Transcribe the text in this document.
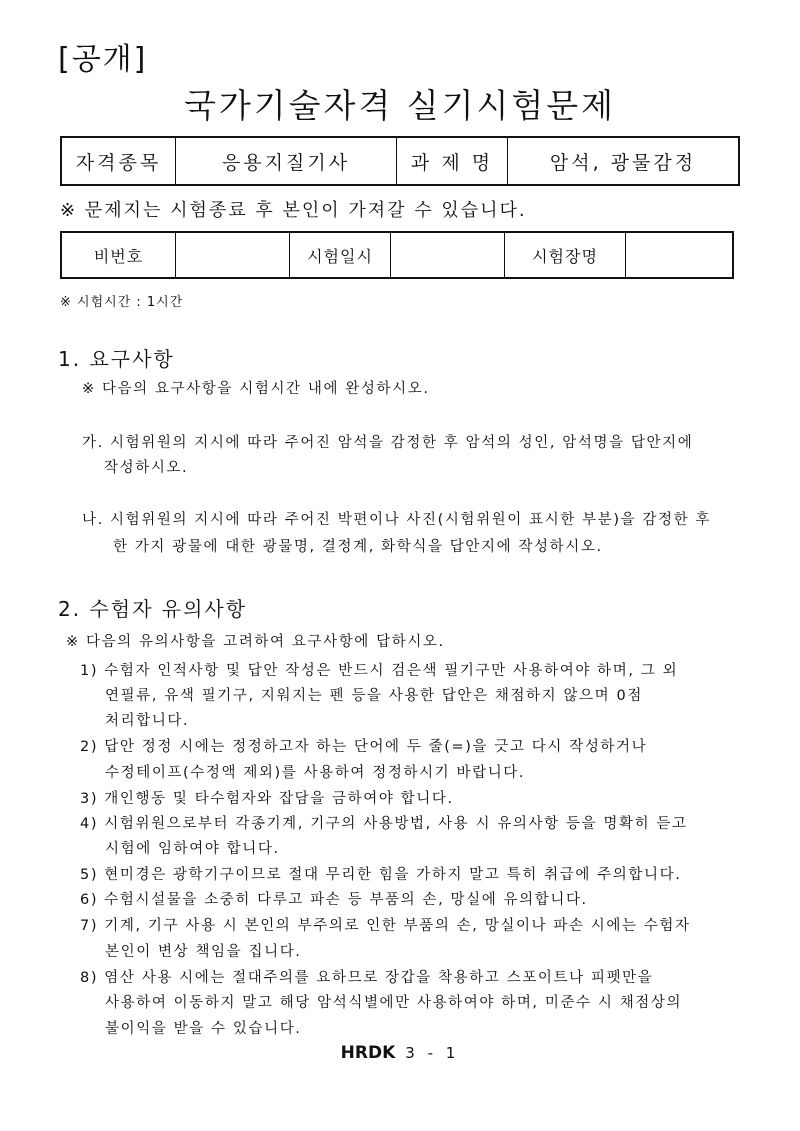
[공개]
국가기술자격 실기시험문제
자격종목	응용지질기사	과 제 명	암석, 광물감정
※ 문제지는 시험종료 후 본인이 가져갈 수 있습니다.
비번호		시험일시		시험장명	
※ 시험시간 : 1시간
1. 요구사항
※ 다음의 요구사항을 시험시간 내에 완성하시오.
가. 시험위원의 지시에 따라 주어진 암석을 감정한 후 암석의 성인, 암석명을 답안지에
작성하시오.
나. 시험위원의 지시에 따라 주어진 박편이나 사진(시험위원이 표시한 부분)을 감정한 후
한 가지 광물에 대한 광물명, 결정계, 화학식을 답안지에 작성하시오.
2. 수험자 유의사항
※ 다음의 유의사항을 고려하여 요구사항에 답하시오.
1) 수험자 인적사항 및 답안 작성은 반드시 검은색 필기구만 사용하여야 하며, 그 외
연필류, 유색 필기구, 지워지는 펜 등을 사용한 답안은 채점하지 않으며 0점
처리합니다.
2) 답안 정정 시에는 정정하고자 하는 단어에 두 줄(=)을 긋고 다시 작성하거나
수정테이프(수정액 제외)를 사용하여 정정하시기 바랍니다.
3) 개인행동 및 타수험자와 잡담을 금하여야 합니다.
4) 시험위원으로부터 각종기계, 기구의 사용방법, 사용 시 유의사항 등을 명확히 듣고
시험에 임하여야 합니다.
5) 현미경은 광학기구이므로 절대 무리한 힘을 가하지 말고 특히 취급에 주의합니다.
6) 수험시설물을 소중히 다루고 파손 등 부품의 손, 망실에 유의합니다.
7) 기계, 기구 사용 시 본인의 부주의로 인한 부품의 손, 망실이나 파손 시에는 수험자
본인이 변상 책임을 집니다.
8) 염산 사용 시에는 절대주의를 요하므로 장갑을 착용하고 스포이트나 피펫만을
사용하여 이동하지 말고 해당 암석식별에만 사용하여야 하며, 미준수 시 채점상의
불이익을 받을 수 있습니다.
HRDK 3 - 1
